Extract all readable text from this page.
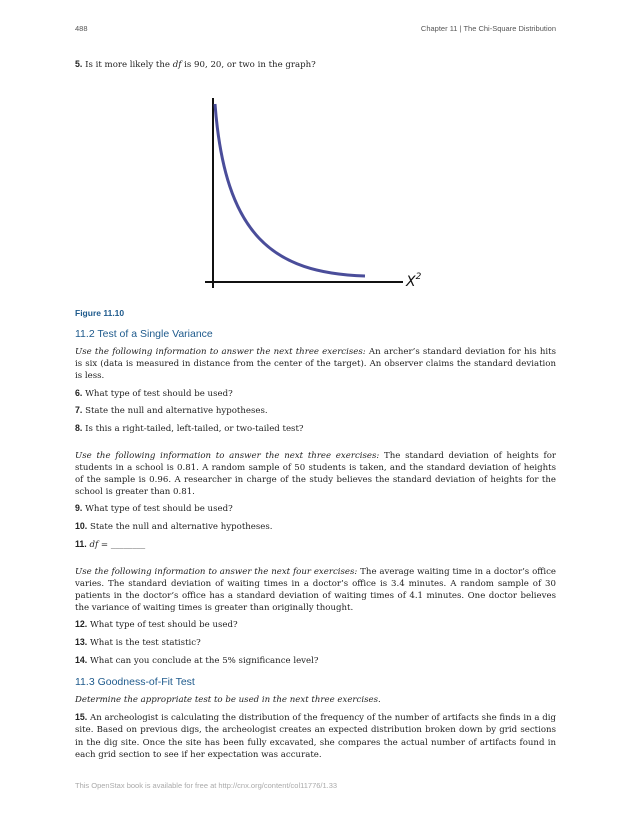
488	Chapter 11 | The Chi-Square Distribution

5. Is it more likely the df is 90, 20, or two in the graph?

$X^2$
Figure 11.10
11.2 Test of a Single Variance

Use the following information to answer the next three exercises: An archer’s standard deviation for his hits is six (data is measured in distance from the center of the target). An observer claims the standard deviation is less.

6. What type of test should be used?

7. State the null and alternative hypotheses.

8. Is this a right-tailed, left-tailed, or two-tailed test?

Use the following information to answer the next three exercises: The standard deviation of heights for students in a school is 0.81. A random sample of 50 students is taken, and the standard deviation of heights of the sample is 0.96. A researcher in charge of the study believes the standard deviation of heights for the school is greater than 0.81.

9. What type of test should be used?

10. State the null and alternative hypotheses.

11. df = ________

Use the following information to answer the next four exercises: The average waiting time in a doctor’s office varies. The standard deviation of waiting times in a doctor’s office is 3.4 minutes. A random sample of 30 patients in the doctor’s office has a standard deviation of waiting times of 4.1 minutes. One doctor believes the variance of waiting times is greater than originally thought.

12. What type of test should be used?

13. What is the test statistic?

14. What can you conclude at the 5% significance level?

11.3 Goodness-of-Fit Test

Determine the appropriate test to be used in the next three exercises.

15. An archeologist is calculating the distribution of the frequency of the number of artifacts she finds in a dig site. Based on previous digs, the archeologist creates an expected distribution broken down by grid sections in the dig site. Once the site has been fully excavated, she compares the actual number of artifacts found in each grid section to see if her expectation was accurate.

This OpenStax book is available for free at http://cnx.org/content/col11776/1.33
